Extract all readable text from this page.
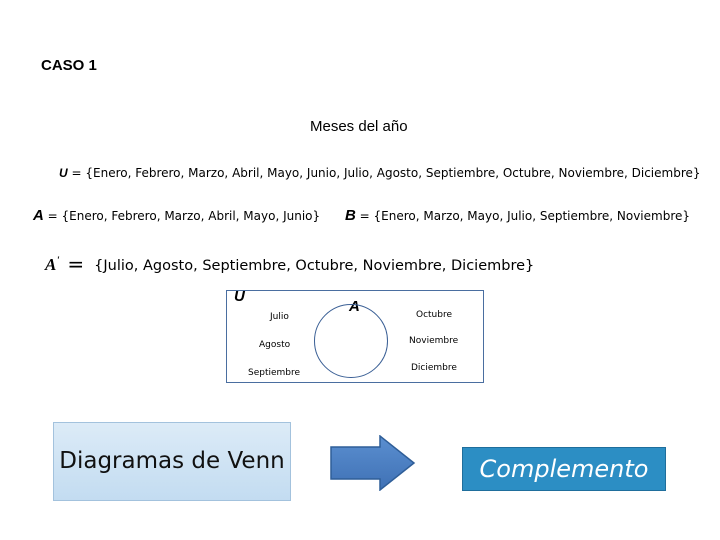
CASO 1
Meses del año
U = {Enero, Febrero, Marzo, Abril, Mayo, Junio, Julio, Agosto, Septiembre, Octubre, Noviembre, Diciembre}
A = {Enero, Febrero, Marzo, Abril, Mayo, Junio} B = {Enero, Marzo, Mayo, Julio, Septiembre, Noviembre}
A' = {Julio, Agosto, Septiembre, Octubre, Noviembre, Diciembre}
U
A
Julio
Agosto
Septiembre
Octubre
Noviembre
Diciembre
Diagramas de Venn	Complemento
